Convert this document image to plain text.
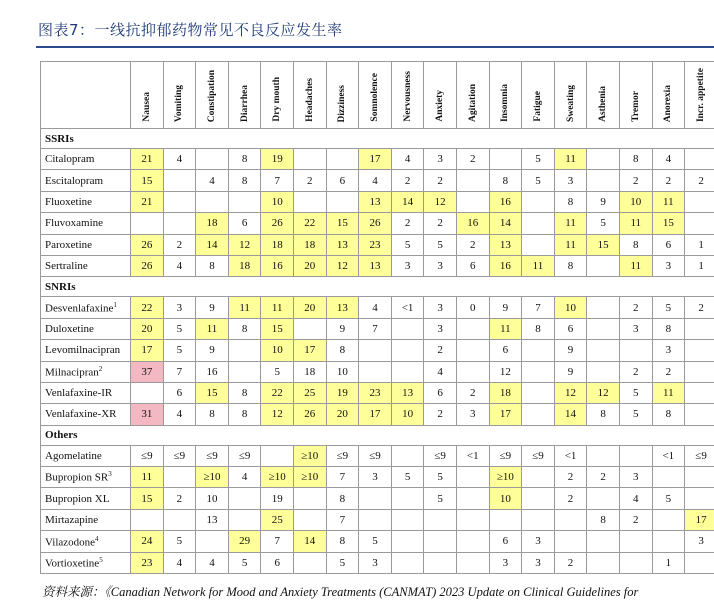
图表7：一线抗抑郁药物常见不良反应发生率
	Nausea	Vomiting	Constipation	Diarrhea	Dry mouth	Headaches	Dizziness	Somnolence	Nervousness	Anxiety	Agitation	Insomnia	Fatigue	Sweating	Asthenia	Tremor	Anorexia	Incr. appetite
SSRIs																		
Citalopram	21	4		8	19			17	4	3	2		5	11		8	4	
Escitalopram	15		4	8	7	2	6	4	2	2		8	5	3		2	2	2
Fluoxetine	21				10			13	14	12		16		8	9	10	11	
Fluvoxamine			18	6	26	22	15	26	2	2	16	14		11	5	11	15	
Paroxetine	26	2	14	12	18	18	13	23	5	5	2	13		11	15	8	6	1
Sertraline	26	4	8	18	16	20	12	13	3	3	6	16	11	8		11	3	1
SNRIs																		
Desvenlafaxine$^1$	22	3	9	11	11	20	13	4	<1	3	0	9	7	10		2	5	2
Duloxetine	20	5	11	8	15		9	7		3		11	8	6		3	8	
Levomilnacipran	17	5	9		10	17	8			2		6		9			3	
Milnacipran$^2$	37	7	16		5	18	10			4		12		9		2	2	
Venlafaxine-IR		6	15	8	22	25	19	23	13	6	2	18		12	12	5	11	
Venlafaxine-XR	31	4	8	8	12	26	20	17	10	2	3	17		14	8	5	8	
Others																		
Agomelatine	≤9	≤9	≤9	≤9		≥10	≤9	≤9		≤9	<1	≤9	≤9	<1			<1	≤9
Bupropion $SR^3$	11		≥10	4	≥10	≥10	7	3	5	5		≥10		2	2	3		
Bupropion XL	15	2	10		19		8			5		10		2		4	5	
Mirtazapine			13		25		7								8	2		17
Vilazodone$^4$	24	5		29	7	14	8	5				6	3					3
Vortioxetine$^5$	23	4	4	5	6		5	3				3	3	2			1	
资料来源：《Canadian Network for Mood and Anxiety Treatments (CANMAT) 2023 Update on Clinical Guidelines for
